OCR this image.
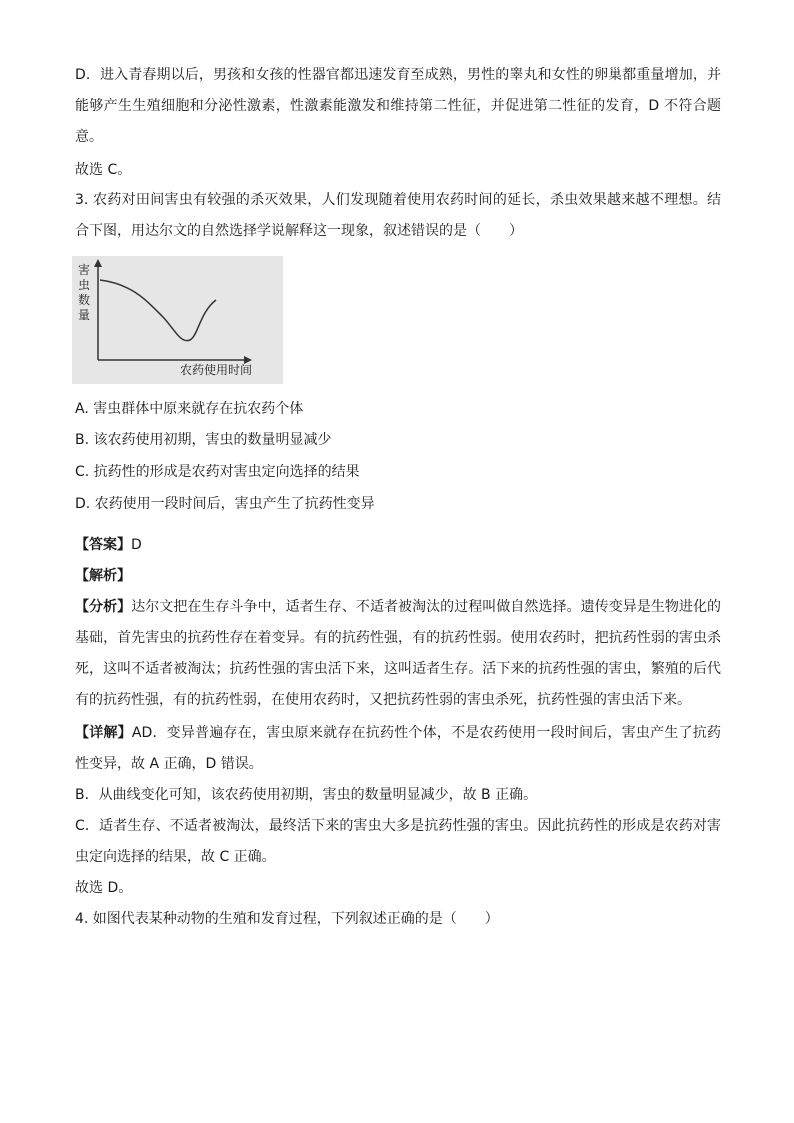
D．进入青春期以后，男孩和女孩的性器官都迅速发育至成熟，男性的睾丸和女性的卵巢都重量增加，并能够产生生殖细胞和分泌性激素，性激素能激发和维持第二性征，并促进第二性征的发育，D 不符合题意。

故选 C。

3. 农药对田间害虫有较强的杀灭效果，人们发现随着使用农药时间的延长，杀虫效果越来越不理想。结合下图，用达尔文的自然选择学说解释这一现象，叙述错误的是（　　）

害
虫
数
量
农药使用时间
A. 害虫群体中原来就存在抗农药个体
B. 该农药使用初期，害虫的数量明显减少
C. 抗药性的形成是农药对害虫定向选择的结果
D. 农药使用一段时间后，害虫产生了抗药性变异
【答案】D
【解析】

【分析】达尔文把在生存斗争中，适者生存、不适者被淘汰的过程叫做自然选择。遗传变异是生物进化的基础，首先害虫的抗药性存在着变异。有的抗药性强，有的抗药性弱。使用农药时，把抗药性弱的害虫杀死，这叫不适者被淘汰；抗药性强的害虫活下来，这叫适者生存。活下来的抗药性强的害虫，繁殖的后代有的抗药性强，有的抗药性弱，在使用农药时，又把抗药性弱的害虫杀死，抗药性强的害虫活下来。

【详解】AD．变异普遍存在，害虫原来就存在抗药性个体，不是农药使用一段时间后，害虫产生了抗药性变异，故 A 正确，D 错误。

B．从曲线变化可知，该农药使用初期，害虫的数量明显减少，故 B 正确。

C．适者生存、不适者被淘汰，最终活下来的害虫大多是抗药性强的害虫。因此抗药性的形成是农药对害虫定向选择的结果，故 C 正确。

故选 D。
4. 如图代表某种动物的生殖和发育过程，下列叙述正确的是（　　）
